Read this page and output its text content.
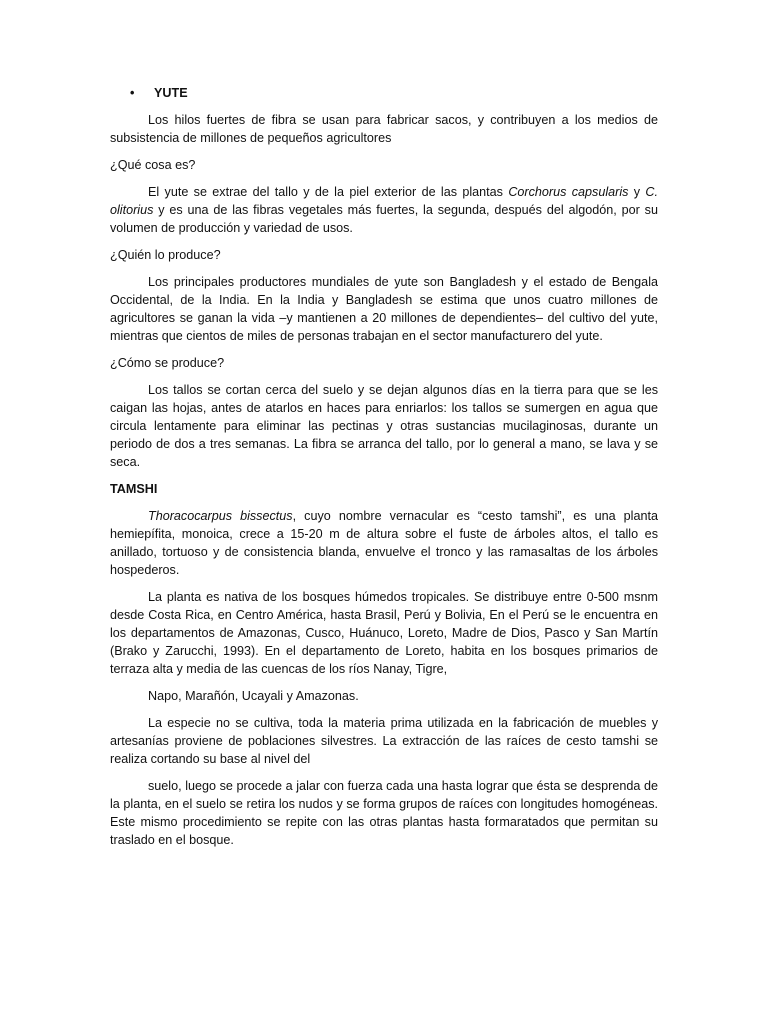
• YUTE

Los hilos fuertes de fibra se usan para fabricar sacos, y contribuyen a los medios de subsistencia de millones de pequeños agricultores

¿Qué cosa es?

El yute se extrae del tallo y de la piel exterior de las plantas Corchorus capsularis y C. olitorius y es una de las fibras vegetales más fuertes, la segunda, después del algodón, por su volumen de producción y variedad de usos.

¿Quién lo produce?

Los principales productores mundiales de yute son Bangladesh y el estado de Bengala Occidental, de la India. En la India y Bangladesh se estima que unos cuatro millones de agricultores se ganan la vida –y mantienen a 20 millones de dependientes– del cultivo del yute, mientras que cientos de miles de personas trabajan en el sector manufacturero del yute.

¿Cómo se produce?

Los tallos se cortan cerca del suelo y se dejan algunos días en la tierra para que se les caigan las hojas, antes de atarlos en haces para enriarlos: los tallos se sumergen en agua que circula lentamente para eliminar las pectinas y otras sustancias mucilaginosas, durante un periodo de dos a tres semanas. La fibra se arranca del tallo, por lo general a mano, se lava y se seca.

TAMSHI

Thoracocarpus bissectus, cuyo nombre vernacular es “cesto tamshi”, es una planta hemiepífita, monoica, crece a 15-20 m de altura sobre el fuste de árboles altos, el tallo es anillado, tortuoso y de consistencia blanda, envuelve el tronco y las ramasaltas de los árboles hospederos.

La planta es nativa de los bosques húmedos tropicales. Se distribuye entre 0-500 msnm desde Costa Rica, en Centro América, hasta Brasil, Perú y Bolivia, En el Perú se le encuentra en los departamentos de Amazonas, Cusco, Huánuco, Loreto, Madre de Dios, Pasco y San Martín (Brako y Zarucchi, 1993). En el departamento de Loreto, habita en los bosques primarios de terraza alta y media de las cuencas de los ríos Nanay, Tigre,

Napo, Marañón, Ucayali y Amazonas.

La especie no se cultiva, toda la materia prima utilizada en la fabricación de muebles y artesanías proviene de poblaciones silvestres. La extracción de las raíces de cesto tamshi se realiza cortando su base al nivel del

suelo, luego se procede a jalar con fuerza cada una hasta lograr que ésta se desprenda de la planta, en el suelo se retira los nudos y se forma grupos de raíces con longitudes homogéneas. Este mismo procedimiento se repite con las otras plantas hasta formaratados que permitan su traslado en el bosque.
